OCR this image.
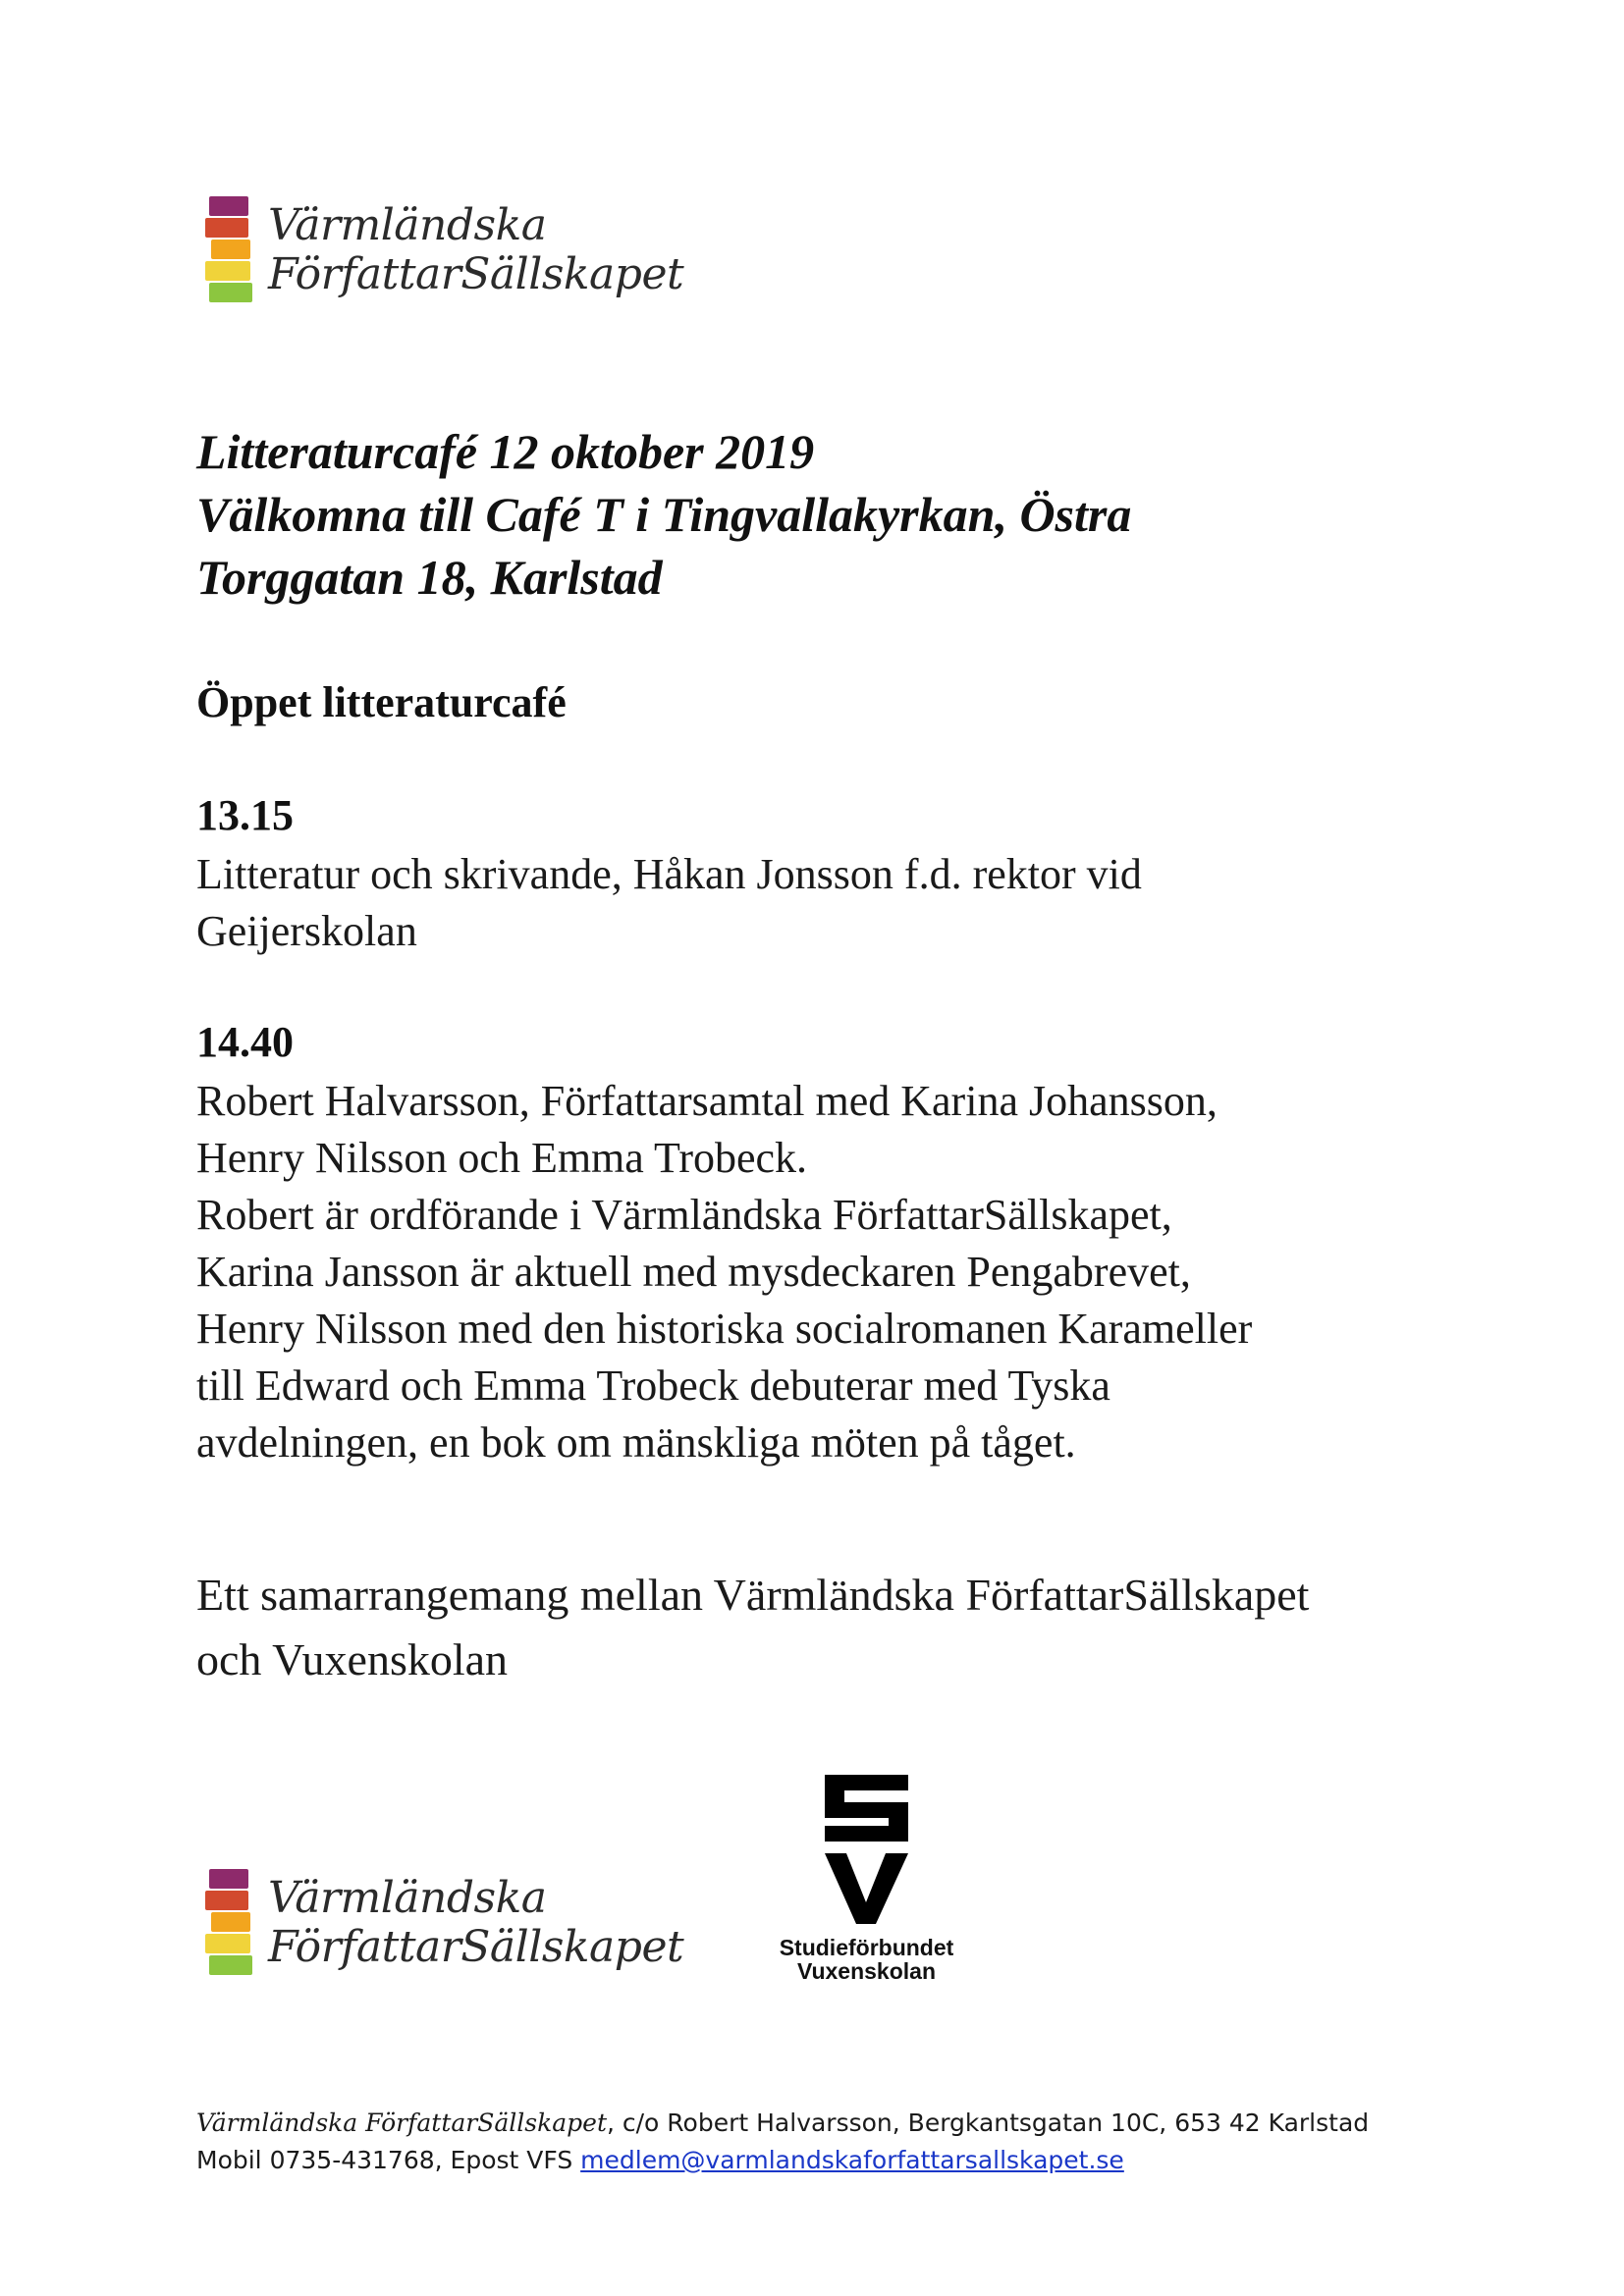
Värmländska
FörfattarSällskapet
Litteraturcafé 12 oktober 2019
Välkomna till Café T i Tingvallakyrkan, Östra
Torggatan 18, Karlstad
Öppet litteraturcafé
13.15
Litteratur och skrivande, Håkan Jonsson f.d. rektor vid
Geijerskolan
14.40
Robert Halvarsson, Författarsamtal med Karina Johansson,
Henry Nilsson och Emma Trobeck.
Robert är ordförande i Värmländska FörfattarSällskapet,
Karina Jansson är aktuell med mysdeckaren Pengabrevet,
Henry Nilsson med den historiska socialromanen Karameller
till Edward och Emma Trobeck debuterar med Tyska
avdelningen, en bok om mänskliga möten på tåget.
Ett samarrangemang mellan Värmländska FörfattarSällskapet
och Vuxenskolan
Värmländska
FörfattarSällskapet	Studieförbundet
Vuxenskolan
Värmländska FörfattarSällskapet, c/o Robert Halvarsson, Bergkantsgatan 10C, 653 42 Karlstad
Mobil 0735-431768, Epost VFS medlem@varmlandskaforfattarsallskapet.se
